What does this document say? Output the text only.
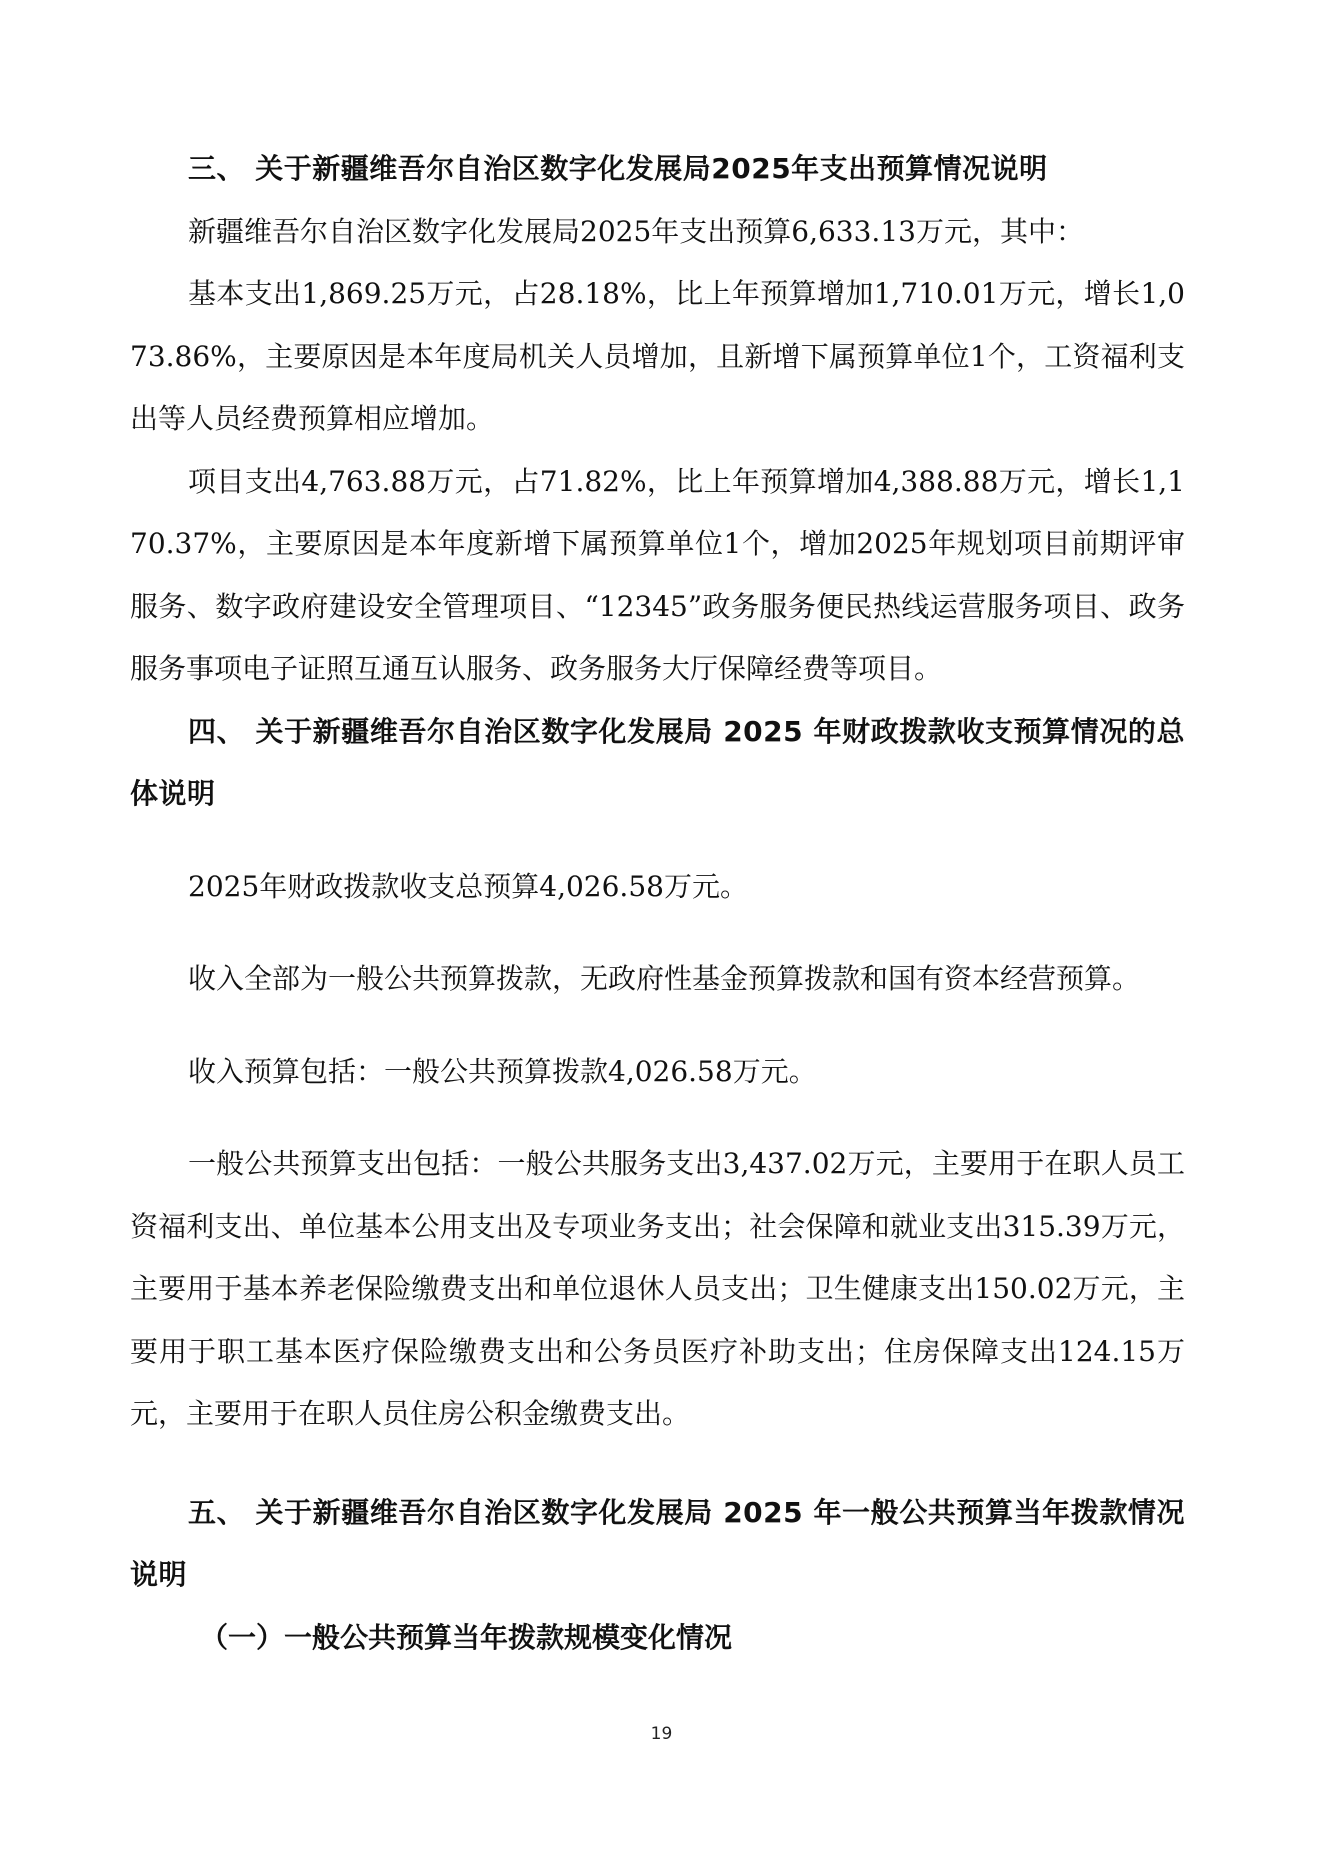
三、 关于新疆维吾尔自治区数字化发展局2025年支出预算情况说明

新疆维吾尔自治区数字化发展局2025年支出预算6,633.13万元，其中：

基本支出1,869.25万元，占28.18%，比上年预算增加1,710.01万元，增长1,073.86%，主要原因是本年度局机关人员增加，且新增下属预算单位1个，工资福利支出等人员经费预算相应增加。

项目支出4,763.88万元，占71.82%，比上年预算增加4,388.88万元，增长1,170.37%，主要原因是本年度新增下属预算单位1个，增加2025年规划项目前期评审服务、数字政府建设安全管理项目、“12345”政务服务便民热线运营服务项目、政务服务事项电子证照互通互认服务、政务服务大厅保障经费等项目。

四、 关于新疆维吾尔自治区数字化发展局 2025 年财政拨款收支预算情况的总体说明

2025年财政拨款收支总预算4,026.58万元。

收入全部为一般公共预算拨款，无政府性基金预算拨款和国有资本经营预算。

收入预算包括：一般公共预算拨款4,026.58万元。

一般公共预算支出包括：一般公共服务支出3,437.02万元，主要用于在职人员工资福利支出、单位基本公用支出及专项业务支出；社会保障和就业支出315.39万元，主要用于基本养老保险缴费支出和单位退休人员支出；卫生健康支出150.02万元，主要用于职工基本医疗保险缴费支出和公务员医疗补助支出；住房保障支出124.15万元，主要用于在职人员住房公积金缴费支出。

五、 关于新疆维吾尔自治区数字化发展局 2025 年一般公共预算当年拨款情况说明

（一）一般公共预算当年拨款规模变化情况

19
